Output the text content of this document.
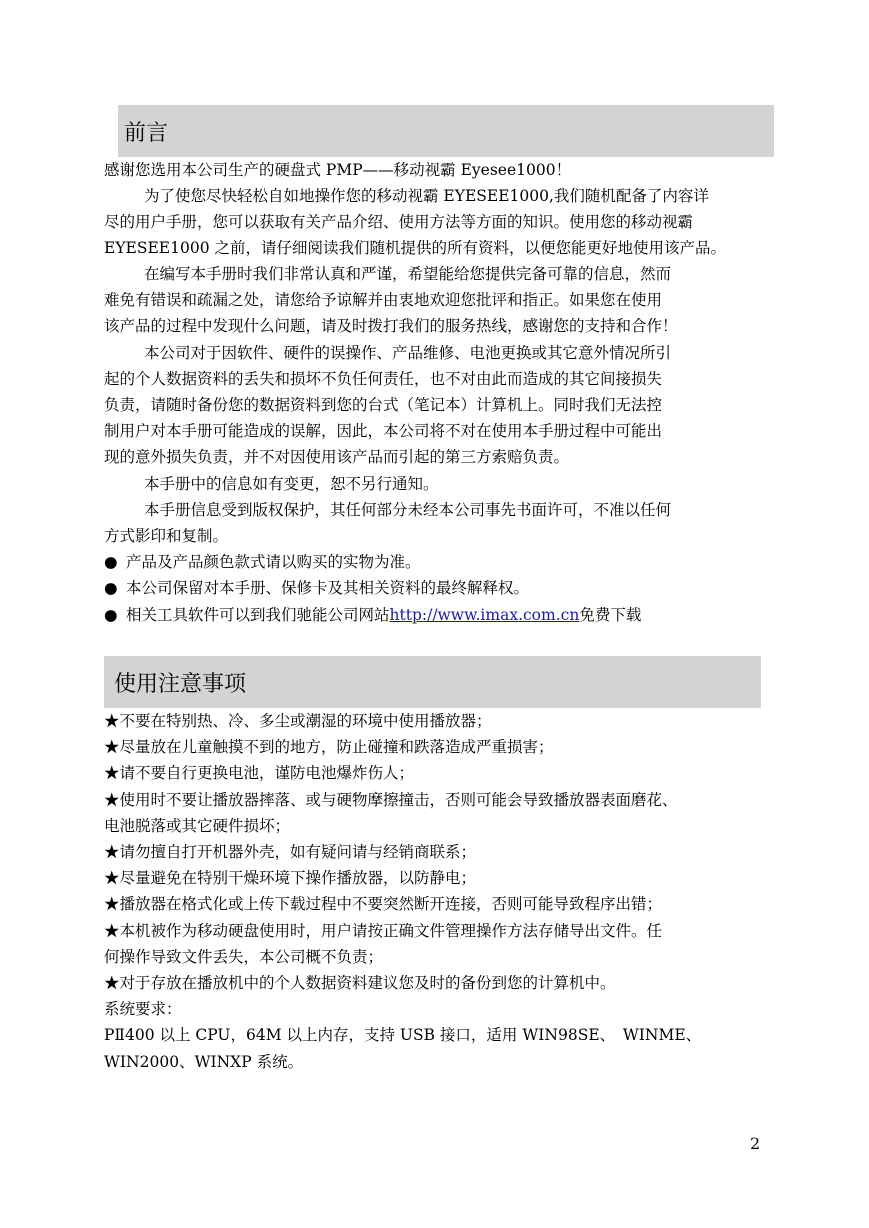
前言
感谢您选用本公司生产的硬盘式 PMP——移动视霸 Eyesee1000！
为了使您尽快轻松自如地操作您的移动视霸 EYESEE1000,我们随机配备了内容详
尽的用户手册，您可以获取有关产品介绍、使用方法等方面的知识。使用您的移动视霸
EYESEE1000 之前，请仔细阅读我们随机提供的所有资料，以便您能更好地使用该产品。
在编写本手册时我们非常认真和严谨，希望能给您提供完备可靠的信息，然而
难免有错误和疏漏之处，请您给予谅解并由衷地欢迎您批评和指正。如果您在使用
该产品的过程中发现什么问题，请及时拨打我们的服务热线，感谢您的支持和合作！
本公司对于因软件、硬件的误操作、产品维修、电池更换或其它意外情况所引
起的个人数据资料的丢失和损坏不负任何责任，也不对由此而造成的其它间接损失
负责，请随时备份您的数据资料到您的台式（笔记本）计算机上。同时我们无法控
制用户对本手册可能造成的误解，因此，本公司将不对在使用本手册过程中可能出
现的意外损失负责，并不对因使用该产品而引起的第三方索赔负责。
本手册中的信息如有变更，恕不另行通知。
本手册信息受到版权保护，其任何部分未经本公司事先书面许可，不准以任何
方式影印和复制。
● 产品及产品颜色款式请以购买的实物为准。
● 本公司保留对本手册、保修卡及其相关资料的最终解释权。
● 相关工具软件可以到我们驰能公司网站http://www.imax.com.cn免费下载
使用注意事项
★不要在特别热、冷、多尘或潮湿的环境中使用播放器；
★尽量放在儿童触摸不到的地方，防止碰撞和跌落造成严重损害；
★请不要自行更换电池，谨防电池爆炸伤人；
★使用时不要让播放器摔落、或与硬物摩擦撞击，否则可能会导致播放器表面磨花、
电池脱落或其它硬件损坏；
★请勿擅自打开机器外壳，如有疑问请与经销商联系；
★尽量避免在特别干燥环境下操作播放器，以防静电；
★播放器在格式化或上传下载过程中不要突然断开连接，否则可能导致程序出错；
★本机被作为移动硬盘使用时，用户请按正确文件管理操作方法存储导出文件。任
何操作导致文件丢失，本公司概不负责；
★对于存放在播放机中的个人数据资料建议您及时的备份到您的计算机中。
系统要求：
PⅡ400 以上 CPU，64M 以上内存，支持 USB 接口，适用 WIN98SE、　WINME、
WIN2000、WINXP 系统。
2
